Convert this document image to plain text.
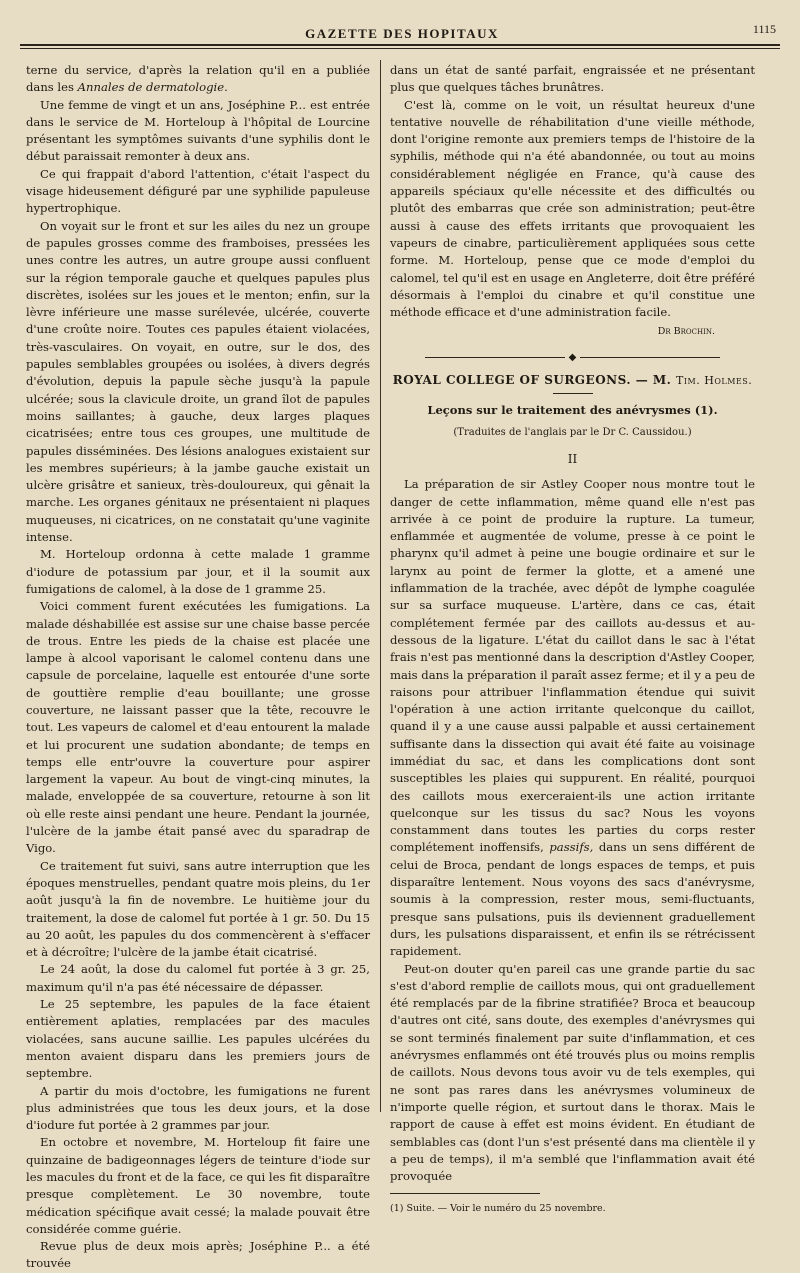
GAZETTE DES HOPITAUX	1115

terne du service, d'après la relation qu'il en a publiée dans les Annales de dermatologie.

Une femme de vingt et un ans, Joséphine P... est entrée dans le service de M. Horteloup à l'hôpital de Lourcine présentant les symptômes suivants d'une syphilis dont le début paraissait remonter à deux ans.

Ce qui frappait d'abord l'attention, c'était l'aspect du visage hideusement défiguré par une syphilide papuleuse hypertrophique.

On voyait sur le front et sur les ailes du nez un groupe de papules grosses comme des framboises, pressées les unes contre les autres, un autre groupe aussi confluent sur la région temporale gauche et quelques papules plus discrètes, isolées sur les joues et le menton; enfin, sur la lèvre inférieure une masse surélevée, ulcérée, couverte d'une croûte noire. Toutes ces papules étaient violacées, très-vasculaires. On voyait, en outre, sur le dos, des papules semblables groupées ou isolées, à divers degrés d'évolution, depuis la papule sèche jusqu'à la papule ulcérée; sous la clavicule droite, un grand îlot de papules moins saillantes; à gauche, deux larges plaques cicatrisées; entre tous ces groupes, une multitude de papules disséminées. Des lésions analogues existaient sur les membres supérieurs; à la jambe gauche existait un ulcère grisâtre et sanieux, très-douloureux, qui gênait la marche. Les organes génitaux ne présentaient ni plaques muqueuses, ni cicatrices, on ne constatait qu'une vaginite intense.

M. Horteloup ordonna à cette malade 1 gramme d'iodure de potassium par jour, et il la soumit aux fumigations de calomel, à la dose de 1 gramme 25.

Voici comment furent exécutées les fumigations. La malade déshabillée est assise sur une chaise basse percée de trous. Entre les pieds de la chaise est placée une lampe à alcool vaporisant le calomel contenu dans une capsule de porcelaine, laquelle est entourée d'une sorte de gouttière remplie d'eau bouillante; une grosse couverture, ne laissant passer que la tête, recouvre le tout. Les vapeurs de calomel et d'eau entourent la malade et lui procurent une sudation abondante; de temps en temps elle entr'ouvre la couverture pour aspirer largement la vapeur. Au bout de vingt-cinq minutes, la malade, enveloppée de sa couverture, retourne à son lit où elle reste ainsi pendant une heure. Pendant la journée, l'ulcère de la jambe était pansé avec du sparadrap de Vigo.

Ce traitement fut suivi, sans autre interruption que les époques menstruelles, pendant quatre mois pleins, du 1er août jusqu'à la fin de novembre. Le huitième jour du traitement, la dose de calomel fut portée à 1 gr. 50. Du 15 au 20 août, les papules du dos commencèrent à s'effacer et à décroître; l'ulcère de la jambe était cicatrisé.

Le 24 août, la dose du calomel fut portée à 3 gr. 25, maximum qu'il n'a pas été nécessaire de dépasser.

Le 25 septembre, les papules de la face étaient entièrement aplaties, remplacées par des macules violacées, sans aucune saillie. Les papules ulcérées du menton avaient disparu dans les premiers jours de septembre.

A partir du mois d'octobre, les fumigations ne furent plus administrées que tous les deux jours, et la dose d'iodure fut portée à 2 grammes par jour.

En octobre et novembre, M. Horteloup fit faire une quinzaine de badigeonnages légers de teinture d'iode sur les macules du front et de la face, ce qui les fit disparaître presque complètement. Le 30 novembre, toute médication spécifique avait cessé; la malade pouvait être considérée comme guérie.

Revue plus de deux mois après; Joséphine P... a été trouvée

dans un état de santé parfait, engraissée et ne présentant plus que quelques tâches brunâtres.

C'est là, comme on le voit, un résultat heureux d'une tentative nouvelle de réhabilitation d'une vieille méthode, dont l'origine remonte aux premiers temps de l'histoire de la syphilis, méthode qui n'a été abandonnée, ou tout au moins considérablement négligée en France, qu'à cause des appareils spéciaux qu'elle nécessite et des difficultés ou plutôt des embarras que crée son administration; peut-être aussi à cause des effets irritants que provoquaient les vapeurs de cinabre, particulièrement appliquées sous cette forme. M. Horteloup, pense que ce mode d'emploi du calomel, tel qu'il est en usage en Angleterre, doit être préféré désormais à l'emploi du cinabre et qu'il constitue une méthode efficace et d'une administration facile.

Dr Brochin.
◆
ROYAL COLLEGE OF SURGEONS. — M. Tim. Holmes.
Leçons sur le traitement des anévrysmes (1).
(Traduites de l'anglais par le Dr C. Caussidou.)
II

La préparation de sir Astley Cooper nous montre tout le danger de cette inflammation, même quand elle n'est pas arrivée à ce point de produire la rupture. La tumeur, enflammée et augmentée de volume, presse à ce point le pharynx qu'il admet à peine une bougie ordinaire et sur le larynx au point de fermer la glotte, et a amené une inflammation de la trachée, avec dépôt de lymphe coagulée sur sa surface muqueuse. L'artère, dans ce cas, était complétement fermée par des caillots au-dessus et au-dessous de la ligature. L'état du caillot dans le sac à l'état frais n'est pas mentionné dans la description d'Astley Cooper, mais dans la préparation il paraît assez ferme; et il y a peu de raisons pour attribuer l'inflammation étendue qui suivit l'opération à une action irritante quelconque du caillot, quand il y a une cause aussi palpable et aussi certainement suffisante dans la dissection qui avait été faite au voisinage immédiat du sac, et dans les complications dont sont susceptibles les plaies qui suppurent. En réalité, pourquoi des caillots mous exerceraient-ils une action irritante quelconque sur les tissus du sac? Nous les voyons constamment dans toutes les parties du corps rester complétement inoffensifs, passifs, dans un sens différent de celui de Broca, pendant de longs espaces de temps, et puis disparaître lentement. Nous voyons des sacs d'anévrysme, soumis à la compression, rester mous, semi-fluctuants, presque sans pulsations, puis ils deviennent graduellement durs, les pulsations disparaissent, et enfin ils se rétrécissent rapidement.

Peut-on douter qu'en pareil cas une grande partie du sac s'est d'abord remplie de caillots mous, qui ont graduellement été remplacés par de la fibrine stratifiée? Broca et beaucoup d'autres ont cité, sans doute, des exemples d'anévrysmes qui se sont terminés finalement par suite d'inflammation, et ces anévrysmes enflammés ont été trouvés plus ou moins remplis de caillots. Nous devons tous avoir vu de tels exemples, qui ne sont pas rares dans les anévrysmes volumineux de n'importe quelle région, et surtout dans le thorax. Mais le rapport de cause à effet est moins évident. En étudiant de semblables cas (dont l'un s'est présenté dans ma clientèle il y a peu de temps), il m'a semblé que l'inflammation avait été provoquée

(1) Suite. — Voir le numéro du 25 novembre.
